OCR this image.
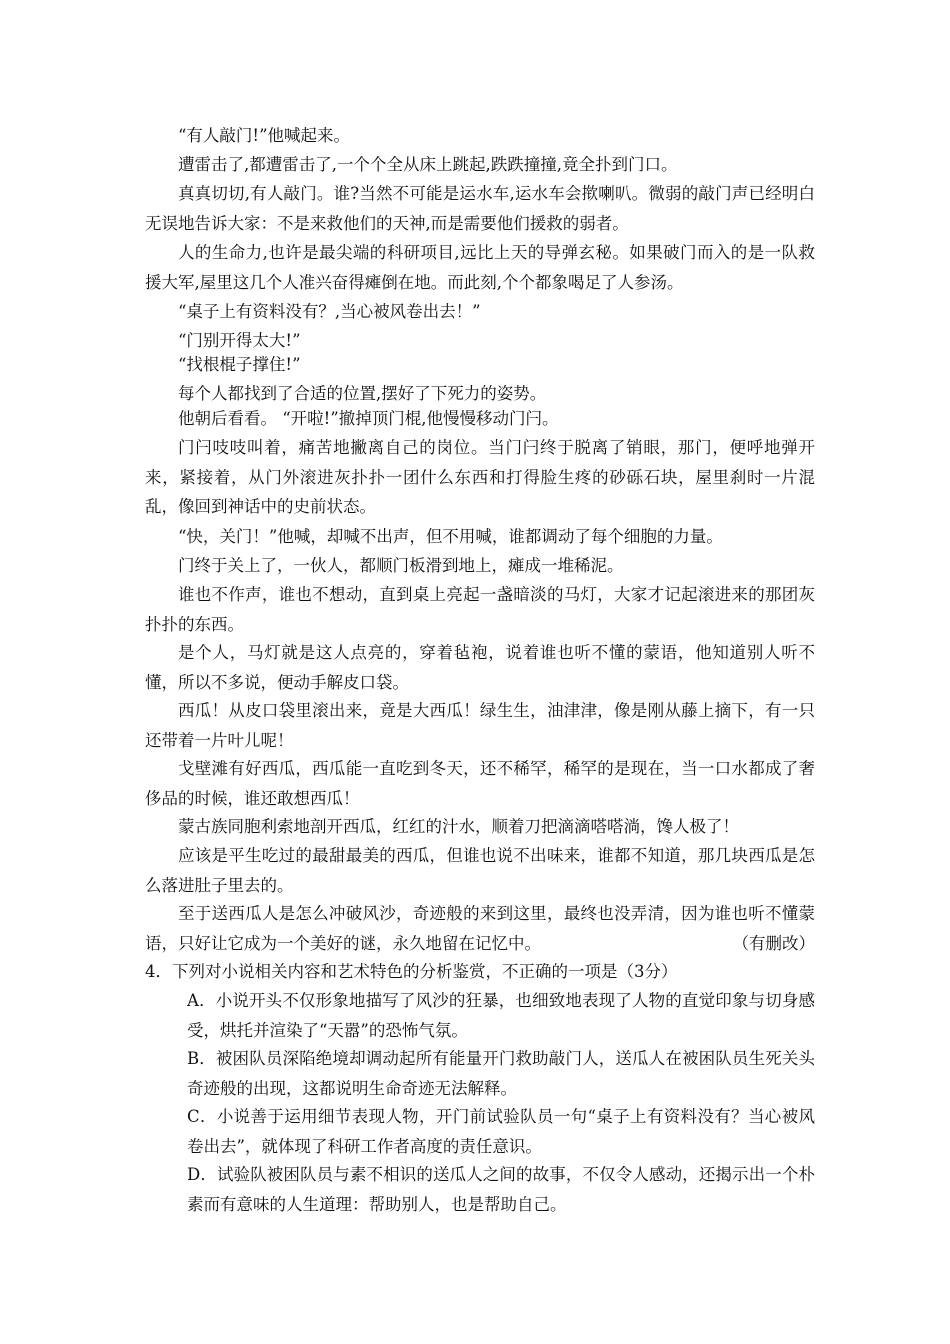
“有人敲门!”他喊起来。

遭雷击了,都遭雷击了,一个个全从床上跳起,跌跌撞撞,竟全扑到门口。

真真切切,有人敲门。谁?当然不可能是运水车,运水车会揿喇叭。微弱的敲门声已经明白无误地告诉大家：不是来救他们的天神,而是需要他们援救的弱者。

人的生命力,也许是最尖端的科研项目,远比上天的导弹玄秘。如果破门而入的是一队救援大军,屋里这几个人准兴奋得瘫倒在地。而此刻,个个都象喝足了人参汤。

“桌子上有资料没有？,当心被风卷出去！”

“门别开得太大!”

“找根棍子撑住!”

每个人都找到了合适的位置,摆好了下死力的姿势。

他朝后看看。 “开啦!”撤掉顶门棍,他慢慢移动门闩。

门闩吱吱叫着，痛苦地撇离自己的岗位。当门闩终于脱离了销眼，那门，便呼地弹开来，紧接着，从门外滚进灰扑扑一团什么东西和打得脸生疼的砂砾石块，屋里刹时一片混乱，像回到神话中的史前状态。

“快，关门！”他喊，却喊不出声，但不用喊，谁都调动了每个细胞的力量。

门终于关上了，一伙人，都顺门板滑到地上，瘫成一堆稀泥。

谁也不作声，谁也不想动，直到桌上亮起一盏暗淡的马灯，大家才记起滚进来的那团灰扑扑的东西。

是个人，马灯就是这人点亮的，穿着毡袍，说着谁也听不懂的蒙语，他知道别人听不懂，所以不多说，便动手解皮口袋。

西瓜！从皮口袋里滚出来，竟是大西瓜！绿生生，油津津，像是刚从藤上摘下，有一只还带着一片叶儿呢！

戈壁滩有好西瓜，西瓜能一直吃到冬天，还不稀罕，稀罕的是现在，当一口水都成了奢侈品的时候，谁还敢想西瓜！

蒙古族同胞利索地剖开西瓜，红红的汁水，顺着刀把滴滴嗒嗒淌，馋人极了！

应该是平生吃过的最甜最美的西瓜，但谁也说不出味来，谁都不知道，那几块西瓜是怎么落进肚子里去的。

至于送西瓜人是怎么冲破风沙，奇迹般的来到这里，最终也没弄清，因为谁也听不懂蒙语，只好让它成为一个美好的谜，永久地留在记忆中。	（有删改）

4．下列对小说相关内容和艺术特色的分析鉴赏，不正确的一项是（3分）

A．小说开头不仅形象地描写了风沙的狂暴，也细致地表现了人物的直觉印象与切身感受，烘托并渲染了“天嚣”的恐怖气氛。

B．被困队员深陷绝境却调动起所有能量开门救助敲门人，送瓜人在被困队员生死关头奇迹般的出现，这都说明生命奇迹无法解释。

C．小说善于运用细节表现人物，开门前试验队员一句“桌子上有资料没有？当心被风卷出去”，就体现了科研工作者高度的责任意识。

D．试验队被困队员与素不相识的送瓜人之间的故事，不仅令人感动，还揭示出一个朴素而有意味的人生道理：帮助别人，也是帮助自己。
